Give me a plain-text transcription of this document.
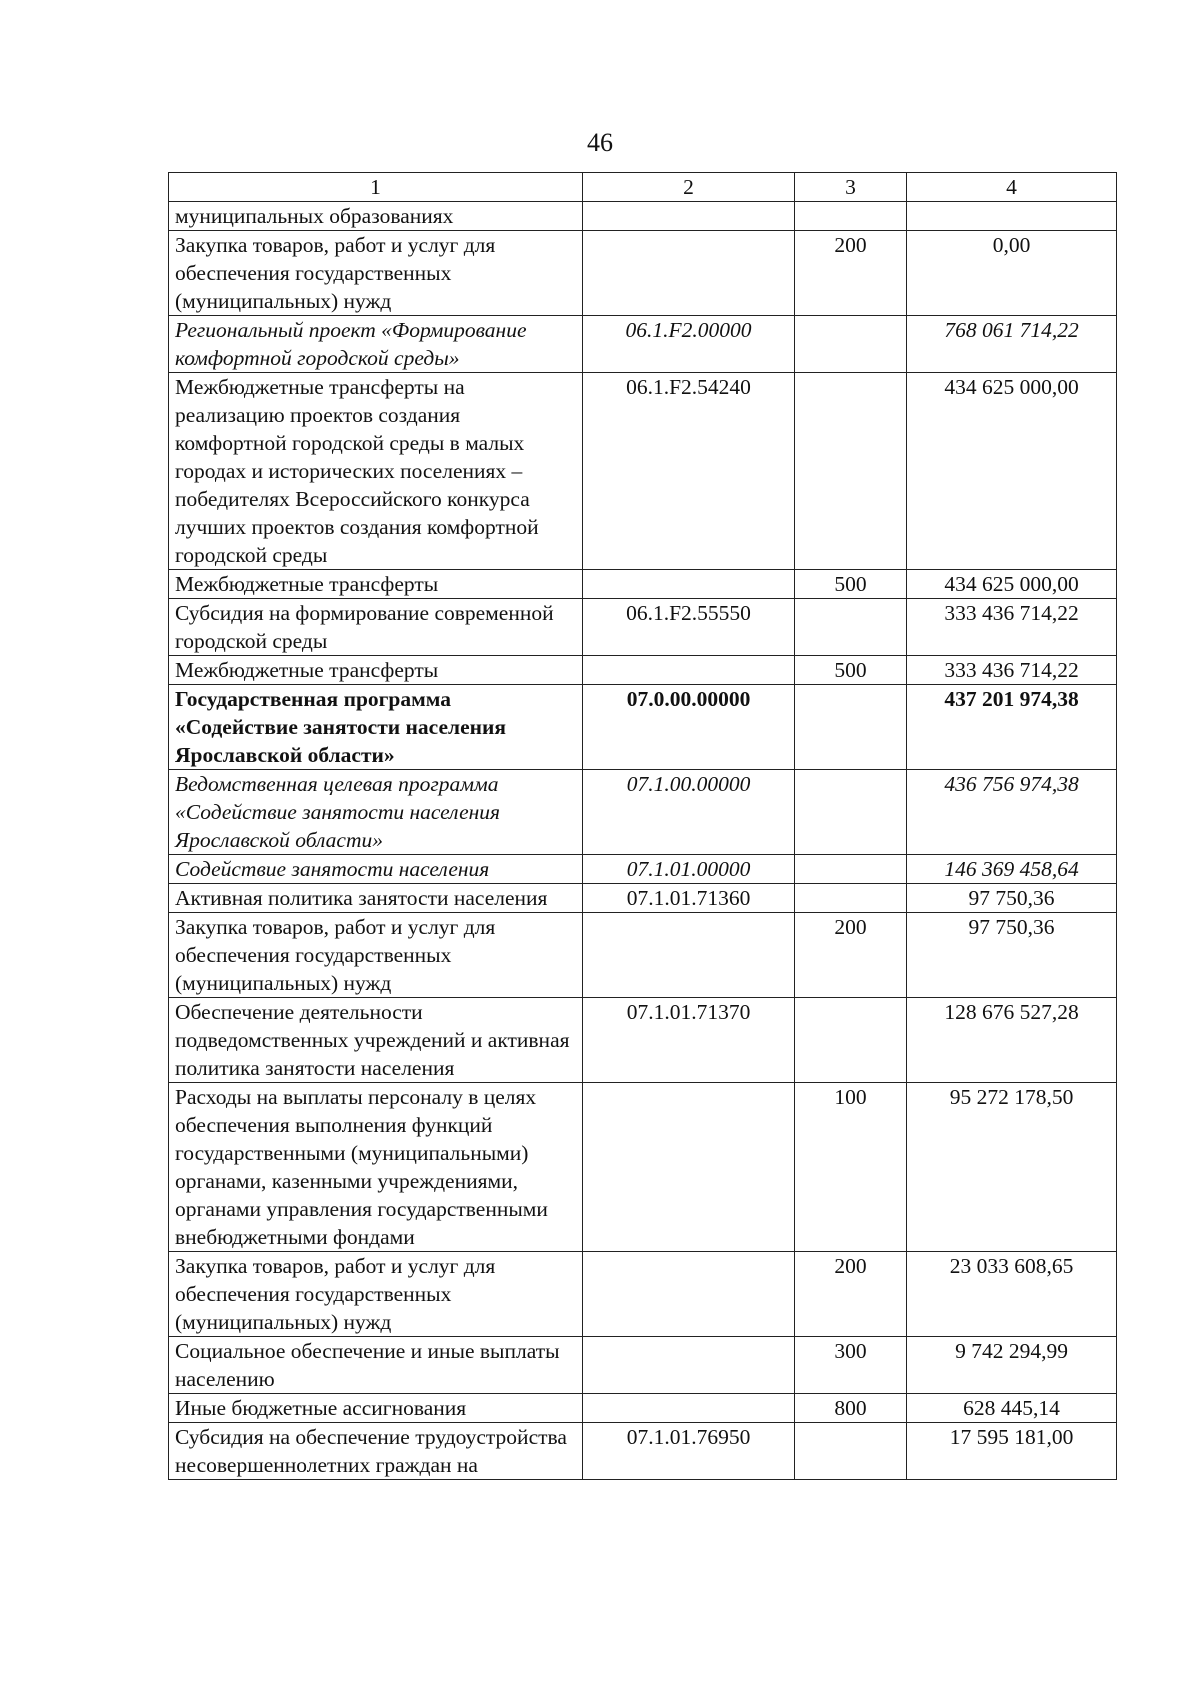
46
1	2	3	4
муниципальных образованиях			
Закупка товаров, работ и услуг для обеспечения государственных (муниципальных) нужд		200	0,00
Региональный проект «Формирование комфортной городской среды»	06.1.F2.00000		768 061 714,22
Межбюджетные трансферты на реализацию проектов создания комфортной городской среды в малых городах и исторических поселениях – победителях Всероссийского конкурса лучших проектов создания комфортной городской среды	06.1.F2.54240		434 625 000,00
Межбюджетные трансферты		500	434 625 000,00
Субсидия на формирование современной городской среды	06.1.F2.55550		333 436 714,22
Межбюджетные трансферты		500	333 436 714,22
Государственная программа «Содействие занятости населения Ярославской области»	07.0.00.00000		437 201 974,38
Ведомственная целевая программа «Содействие занятости населения Ярославской области»	07.1.00.00000		436 756 974,38
Содействие занятости населения	07.1.01.00000		146 369 458,64
Активная политика занятости населения	07.1.01.71360		97 750,36
Закупка товаров, работ и услуг для обеспечения государственных (муниципальных) нужд		200	97 750,36
Обеспечение деятельности подведомственных учреждений и активная политика занятости населения	07.1.01.71370		128 676 527,28
Расходы на выплаты персоналу в целях обеспечения выполнения функций государственными (муниципальными) органами, казенными учреждениями, органами управления государственными внебюджетными фондами		100	95 272 178,50
Закупка товаров, работ и услуг для обеспечения государственных (муниципальных) нужд		200	23 033 608,65
Социальное обеспечение и иные выплаты населению		300	9 742 294,99
Иные бюджетные ассигнования		800	628 445,14
Субсидия на обеспечение трудоустройства несовершеннолетних граждан на	07.1.01.76950		17 595 181,00
